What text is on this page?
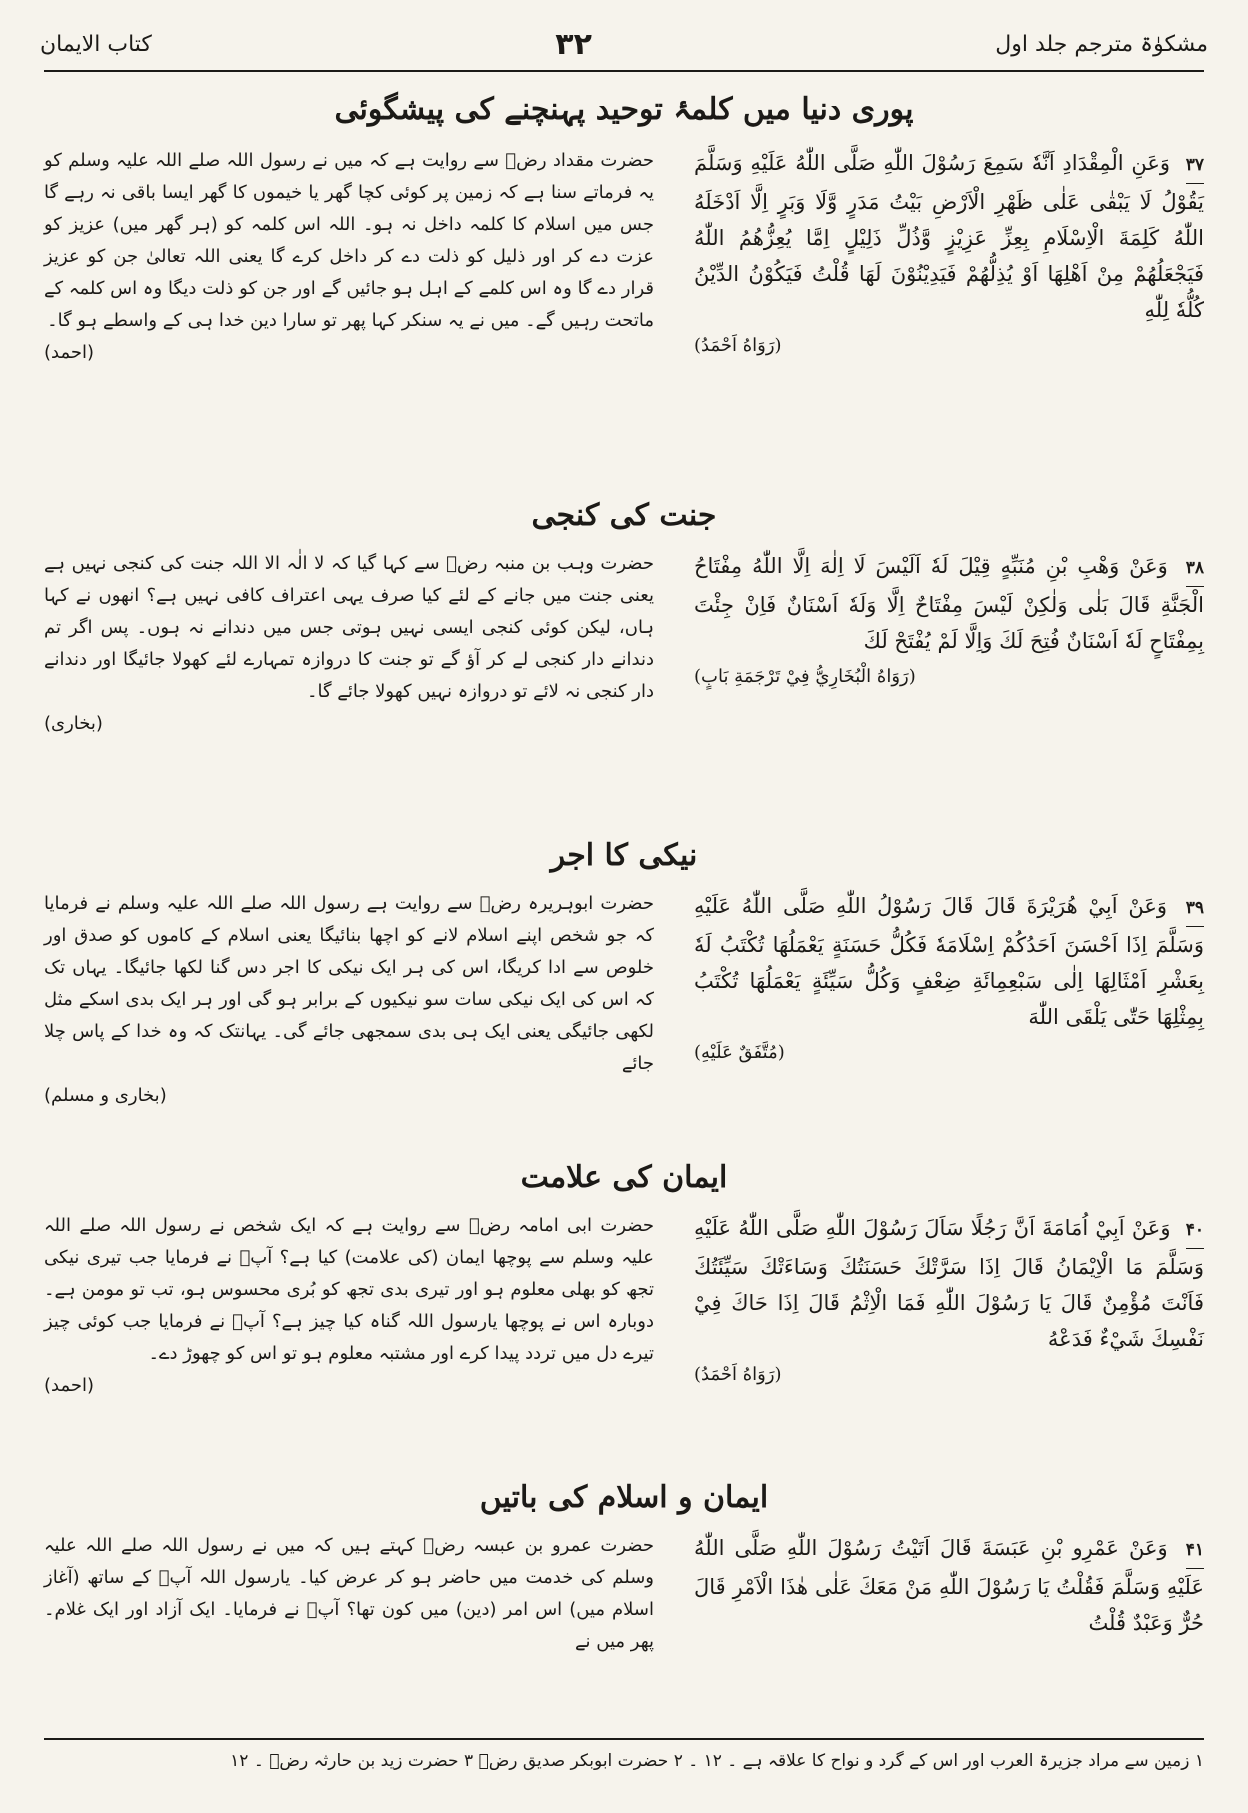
مشکوٰۃ مترجم جلد اول
۳۲
کتاب الایمان
پوری دنیا میں کلمۂ توحید پہنچنے کی پیشگوئی
۳۷ وَعَنِ الْمِقْدَادِ اَنَّهٗ سَمِعَ رَسُوْلَ اللّٰهِ صَلَّى اللّٰهُ عَلَيْهِ وَسَلَّمَ يَقُوْلُ لَا يَبْقٰى عَلٰى ظَهْرِ الْاَرْضِ بَيْتُ مَدَرٍ وَّلَا وَبَرٍ اِلَّا اَدْخَلَهُ اللّٰهُ كَلِمَةَ الْاِسْلَامِ بِعِزِّ عَزِيْزٍ وَّذُلِّ ذَلِيْلٍ اِمَّا يُعِزُّهُمُ اللّٰهُ فَيَجْعَلُهُمْ مِنْ اَهْلِهَا اَوْ يُذِلُّهُمْ فَيَدِيْنُوْنَ لَهَا قُلْتُ فَيَكُوْنُ الدِّيْنُ كُلُّهٗ لِلّٰهِ
(رَوَاهُ اَحْمَدُ)
حضرت مقداد رضؓ سے روایت ہے کہ میں نے رسول اللہ صلے اللہ علیہ وسلم کو یہ فرماتے سنا ہے کہ زمین پر کوئی کچا گھر یا خیموں کا گھر ایسا باقی نہ رہے گا جس میں اسلام کا کلمہ داخل نہ ہو۔ اللہ اس کلمہ کو (ہر گھر میں) عزیز کو عزت دے کر اور ذلیل کو ذلت دے کر داخل کرے گا یعنی اللہ تعالیٰ جن کو عزیز قرار دے گا وہ اس کلمے کے اہل ہو جائیں گے اور جن کو ذلت دیگا وہ اس کلمہ کے ماتحت رہیں گے۔ میں نے یہ سنکر کہا پھر تو سارا دین خدا ہی کے واسطے ہو گا۔
(احمد)
جنت کی کنجی
۳۸ وَعَنْ وَهْبِ بْنِ مُنَبِّهٍ قِيْلَ لَهٗ اَلَيْسَ لَا اِلٰهَ اِلَّا اللّٰهُ مِفْتَاحُ الْجَنَّةِ قَالَ بَلٰى وَلٰكِنْ لَيْسَ مِفْتَاحٌ اِلَّا وَلَهٗ اَسْنَانٌ فَاِنْ جِئْتَ بِمِفْتَاحٍ لَهٗ اَسْنَانٌ فُتِحَ لَكَ وَاِلَّا لَمْ يُفْتَحْ لَكَ
(رَوَاهُ الْبُخَارِيُّ فِيْ تَرْجَمَةِ بَابٍ)
حضرت وہب بن منبہ رضؓ سے کہا گیا کہ لا الٰہ الا اللہ جنت کی کنجی نہیں ہے یعنی جنت میں جانے کے لئے کیا صرف یہی اعتراف کافی نہیں ہے؟ انھوں نے کہا ہاں، لیکن کوئی کنجی ایسی نہیں ہوتی جس میں دندانے نہ ہوں۔ پس اگر تم دندانے دار کنجی لے کر آؤ گے تو جنت کا دروازہ تمہارے لئے کھولا جائیگا اور دندانے دار کنجی نہ لائے تو دروازہ نہیں کھولا جائے گا۔
(بخاری)
نیکی کا اجر
۳۹ وَعَنْ اَبِيْ هُرَيْرَةَ قَالَ قَالَ رَسُوْلُ اللّٰهِ صَلَّى اللّٰهُ عَلَيْهِ وَسَلَّمَ اِذَا اَحْسَنَ اَحَدُكُمْ اِسْلَامَهٗ فَكُلُّ حَسَنَةٍ يَعْمَلُهَا تُكْتَبُ لَهٗ بِعَشْرِ اَمْثَالِهَا اِلٰى سَبْعِمِائَةِ ضِعْفٍ وَكُلُّ سَيِّئَةٍ يَعْمَلُهَا تُكْتَبُ بِمِثْلِهَا حَتّٰى يَلْقَى اللّٰهَ
(مُتَّفَقٌ عَلَيْهِ)
حضرت ابوہریرہ رضؓ سے روایت ہے رسول اللہ صلے اللہ علیہ وسلم نے فرمایا کہ جو شخص اپنے اسلام لانے کو اچھا بنائیگا یعنی اسلام کے کاموں کو صدق اور خلوص سے ادا کریگا، اس کی ہر ایک نیکی کا اجر دس گنا لکھا جائیگا۔ یہاں تک کہ اس کی ایک نیکی سات سو نیکیوں کے برابر ہو گی اور ہر ایک بدی اسکے مثل لکھی جائیگی یعنی ایک ہی بدی سمجھی جائے گی۔ یہانتک کہ وہ خدا کے پاس چلا جائے
(بخاری و مسلم)
ایمان کی علامت
۴۰ وَعَنْ اَبِيْ اُمَامَةَ اَنَّ رَجُلًا سَاَلَ رَسُوْلَ اللّٰهِ صَلَّى اللّٰهُ عَلَيْهِ وَسَلَّمَ مَا الْاِيْمَانُ قَالَ اِذَا سَرَّتْكَ حَسَنَتُكَ وَسَاءَتْكَ سَيِّئَتُكَ فَاَنْتَ مُؤْمِنٌ قَالَ يَا رَسُوْلَ اللّٰهِ فَمَا الْاِثْمُ قَالَ اِذَا حَاكَ فِيْ نَفْسِكَ شَيْءٌ فَدَعْهُ
(رَوَاهُ اَحْمَدُ)
حضرت ابی امامہ رضؓ سے روایت ہے کہ ایک شخص نے رسول اللہ صلے اللہ علیہ وسلم سے پوچھا ایمان (کی علامت) کیا ہے؟ آپؐ نے فرمایا جب تیری نیکی تجھ کو بھلی معلوم ہو اور تیری بدی تجھ کو بُری محسوس ہو، تب تو مومن ہے۔ دوبارہ اس نے پوچھا یارسول اللہ گناہ کیا چیز ہے؟ آپؐ نے فرمایا جب کوئی چیز تیرے دل میں تردد پیدا کرے اور مشتبہ معلوم ہو تو اس کو چھوڑ دے۔
(احمد)
ایمان و اسلام کی باتیں
۴۱ وَعَنْ عَمْرِو بْنِ عَبَسَةَ قَالَ اَتَيْتُ رَسُوْلَ اللّٰهِ صَلَّى اللّٰهُ عَلَيْهِ وَسَلَّمَ فَقُلْتُ يَا رَسُوْلَ اللّٰهِ مَنْ مَعَكَ عَلٰى هٰذَا الْاَمْرِ قَالَ حُرٌّ وَعَبْدٌ قُلْتُ
حضرت عمرو بن عبسہ رضؓ کہتے ہیں کہ میں نے رسول اللہ صلے اللہ علیہ وسلم کی خدمت میں حاضر ہو کر عرض کیا۔ یارسول اللہ آپؐ کے ساتھ (آغاز اسلام میں) اس امر (دین) میں کون تھا؟ آپؐ نے فرمایا۔ ایک آزاد اور ایک غلام۔ پھر میں نے
۱ زمین سے مراد جزیرۃ العرب اور اس کے گرد و نواح کا علاقہ ہے ۔ ۱۲ ۔ ۲ حضرت ابوبکر صدیق رضؓ ۳ حضرت زید بن حارثہ رضؓ ۔ ۱۲
